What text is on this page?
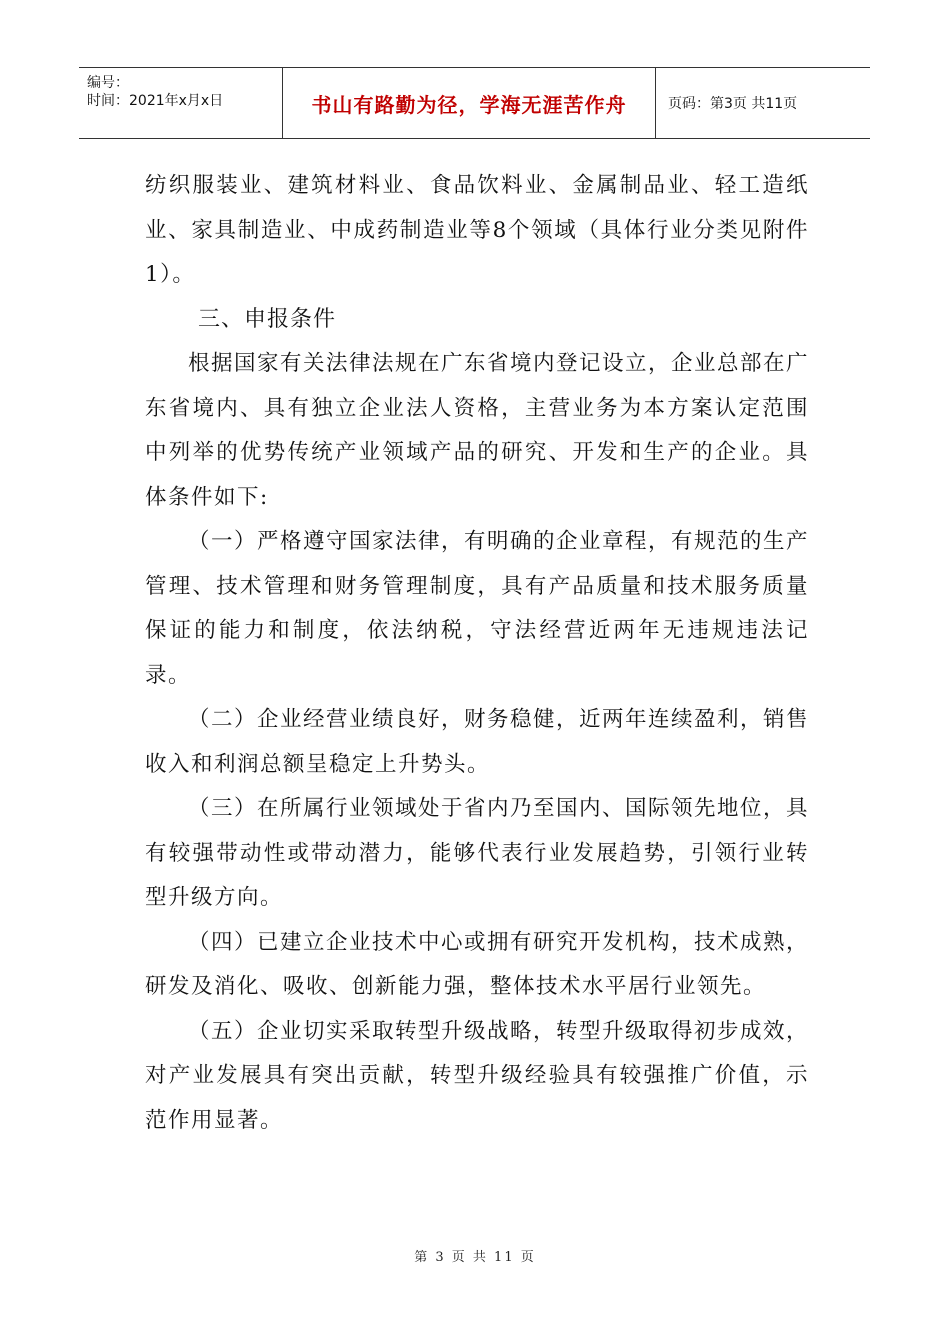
编号：
时间：2021年x月x日	书山有路勤为径，学海无涯苦作舟	页码：第3页 共11页

纺织服装业、建筑材料业、食品饮料业、金属制品业、轻工造纸业、家具制造业、中成药制造业等8个领域（具体行业分类见附件1）。

三、申报条件

根据国家有关法律法规在广东省境内登记设立，企业总部在广东省境内、具有独立企业法人资格，主营业务为本方案认定范围中列举的优势传统产业领域产品的研究、开发和生产的企业。具体条件如下:

（一）严格遵守国家法律，有明确的企业章程，有规范的生产管理、技术管理和财务管理制度，具有产品质量和技术服务质量保证的能力和制度，依法纳税，守法经营近两年无违规违法记录。

（二）企业经营业绩良好，财务稳健，近两年连续盈利，销售收入和利润总额呈稳定上升势头。

（三）在所属行业领域处于省内乃至国内、国际领先地位，具有较强带动性或带动潜力，能够代表行业发展趋势，引领行业转型升级方向。

（四）已建立企业技术中心或拥有研究开发机构，技术成熟，研发及消化、吸收、创新能力强，整体技术水平居行业领先。

（五）企业切实采取转型升级战略，转型升级取得初步成效，对产业发展具有突出贡献，转型升级经验具有较强推广价值，示范作用显著。

第 3 页 共 11 页
